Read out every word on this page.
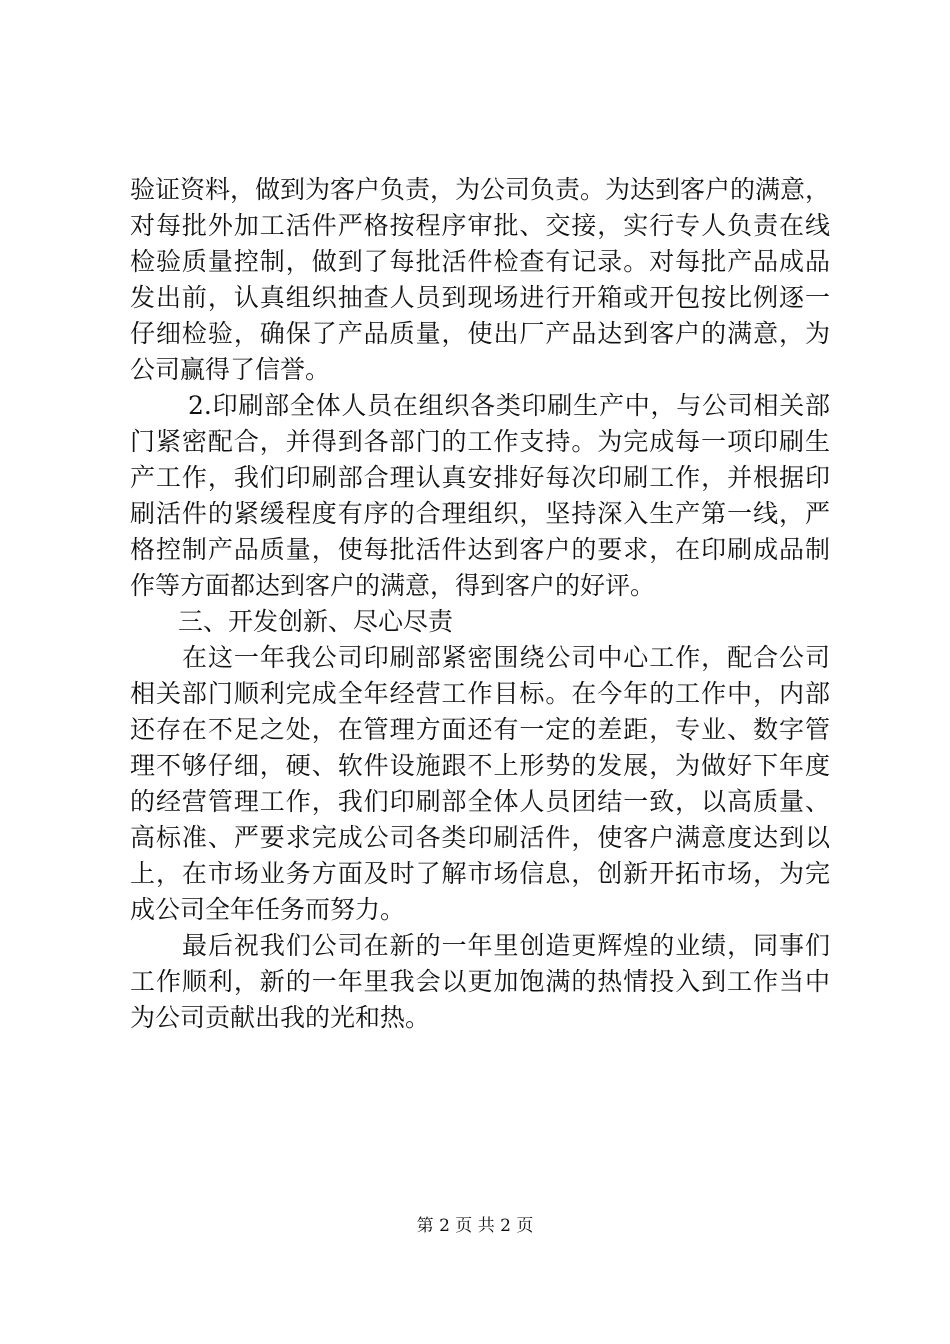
验证资料，做到为客户负责，为公司负责。为达到客户的满意，
对每批外加工活件严格按程序审批、交接，实行专人负责在线
检验质量控制，做到了每批活件检查有记录。对每批产品成品
发出前，认真组织抽查人员到现场进行开箱或开包按比例逐一
仔细检验，确保了产品质量，使出厂产品达到客户的满意，为
公司赢得了信誉。
2.印刷部全体人员在组织各类印刷生产中，与公司相关部
门紧密配合，并得到各部门的工作支持。为完成每一项印刷生
产工作，我们印刷部合理认真安排好每次印刷工作，并根据印
刷活件的紧缓程度有序的合理组织，坚持深入生产第一线，严
格控制产品质量，使每批活件达到客户的要求，在印刷成品制
作等方面都达到客户的满意，得到客户的好评。
三、开发创新、尽心尽责
在这一年我公司印刷部紧密围绕公司中心工作，配合公司
相关部门顺利完成全年经营工作目标。在今年的工作中，内部
还存在不足之处，在管理方面还有一定的差距，专业、数字管
理不够仔细，硬、软件设施跟不上形势的发展，为做好下年度
的经营管理工作，我们印刷部全体人员团结一致，以高质量、
高标准、严要求完成公司各类印刷活件，使客户满意度达到以
上，在市场业务方面及时了解市场信息，创新开拓市场，为完
成公司全年任务而努力。
最后祝我们公司在新的一年里创造更辉煌的业绩，同事们
工作顺利，新的一年里我会以更加饱满的热情投入到工作当中
为公司贡献出我的光和热。
第 2 页 共 2 页
